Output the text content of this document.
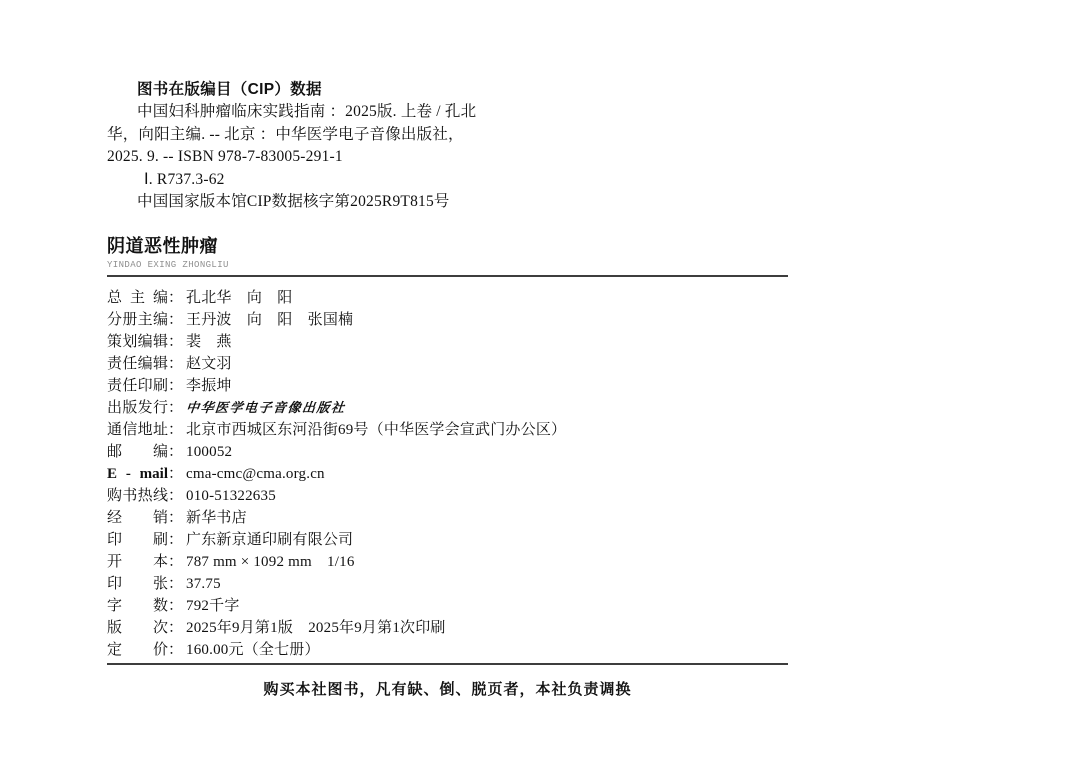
图书在版编目（CIP）数据
中国妇科肿瘤临床实践指南 ：2025版. 上卷 / 孔北
华，向阳主编. -- 北京 ：中华医学电子音像出版社，
2025. 9. -- ISBN 978-7-83005-291-1
Ⅰ. R737.3-62
中国国家版本馆CIP数据核字第2025R9T815号
阴道恶性肿瘤
YINDAO EXING ZHONGLIU
总 主 编 ： 孔北华　向　阳
分册主编 ： 王丹波　向　阳　张国楠
策划编辑 ： 裴　燕
责任编辑 ： 赵文羽
责任印刷 ： 李振坤
出版发行 ： 中华医学电子音像出版社
通信地址 ： 北京市西城区东河沿街69号（中华医学会宣武门办公区）
邮　　编 ： 100052
E - mail ： cma-cmc@cma.org.cn
购书热线 ： 010-51322635
经　　销 ： 新华书店
印　　刷 ： 广东新京通印刷有限公司
开　　本 ： 787 mm × 1092 mm　1/16
印　　张 ： 37.75
字　　数 ： 792千字
版　　次 ： 2025年9月第1版　2025年9月第1次印刷
定　　价 ： 160.00元（全七册）
购买本社图书，凡有缺、倒、脱页者，本社负责调换
